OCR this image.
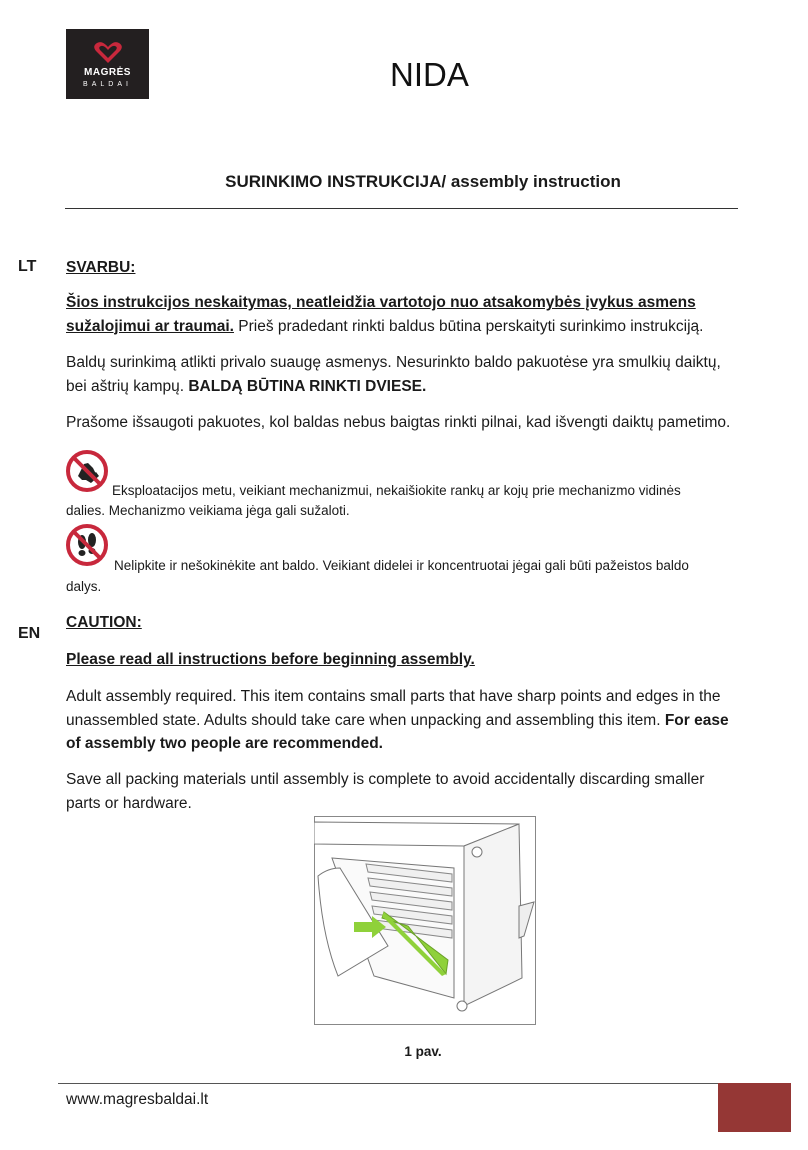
MAGRĖS
BALDAI	NIDA
SURINKIMO INSTRUKCIJA/ assembly instruction
LT SVARBU:
Šios instrukcijos neskaitymas, neatleidžia vartotojo nuo atsakomybės įvykus asmens sužalojimui ar traumai. Prieš pradedant rinkti baldus būtina perskaityti surinkimo instrukciją.
Baldų surinkimą atlikti privalo suaugę asmenys. Nesurinkto baldo pakuotėse yra smulkių daiktų, bei aštrių kampų. BALDĄ BŪTINA RINKTI DVIESE.
Prašome išsaugoti pakuotes, kol baldas nebus baigtas rinkti pilnai, kad išvengti daiktų pametimo.
Eksploatacijos metu, veikiant mechanizmui, nekaišiokite rankų ar kojų prie mechanizmo vidinės
dalies. Mechanizmo veikiama jėga gali sužaloti.
Nelipkite ir nešokinėkite ant baldo. Veikiant didelei ir koncentruotai jėgai gali būti pažeistos baldo
dalys.
CAUTION:
EN
Please read all instructions before beginning assembly.
Adult assembly required. This item contains small parts that have sharp points and edges in the unassembled state. Adults should take care when unpacking and assembling this item. For ease of assembly two people are recommended.
Save all packing materials until assembly is complete to avoid accidentally discarding smaller parts or hardware.
1 pav.
www.magresbaldai.lt
